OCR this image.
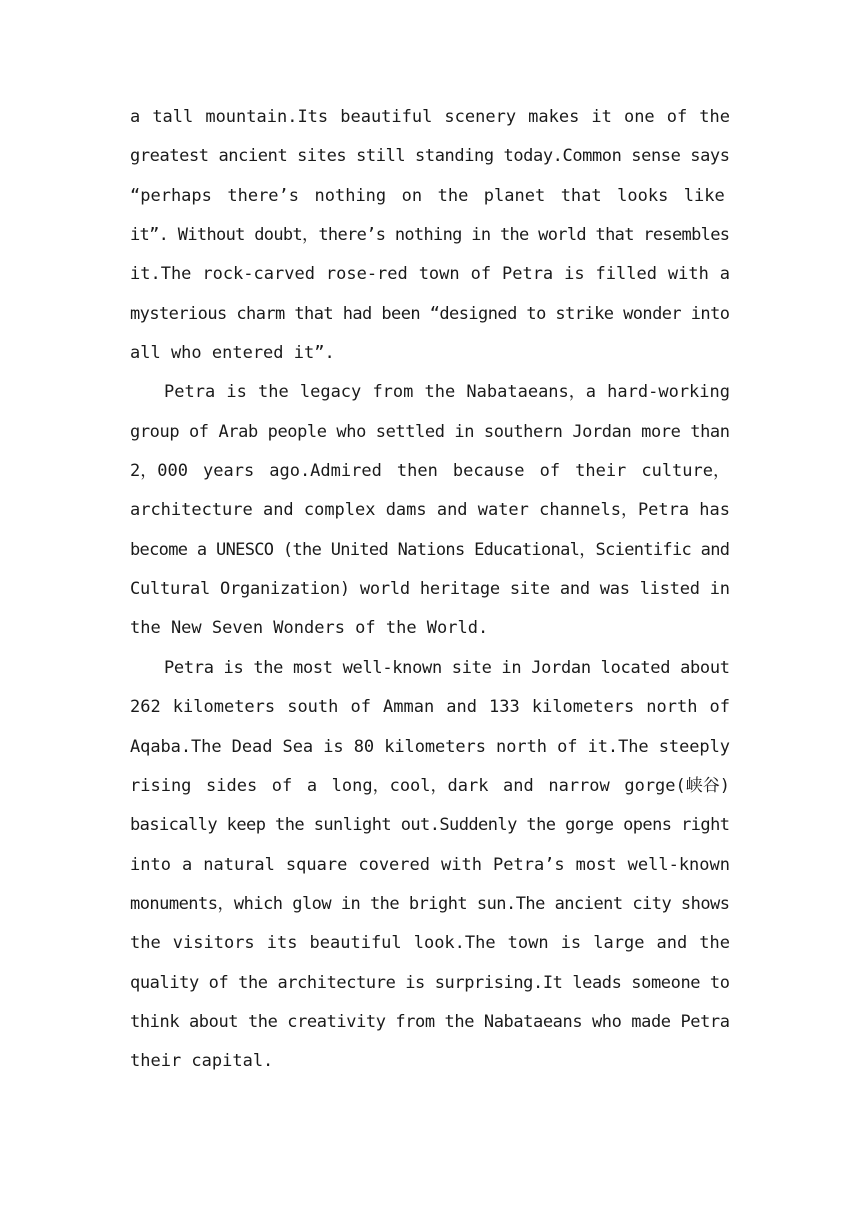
a tall mountain.Its beautiful scenery makes it one of the
greatest ancient sites still standing today.Common sense says
“perhaps there’s nothing on the planet that looks like
it”. Without doubt，there’s nothing in the world that resembles
it.The rock-carved rose-red town of Petra is filled with a
mysterious charm that had been “designed to strike wonder into
all who entered it”.
Petra is the legacy from the Nabataeans，a hard-working
group of Arab people who settled in southern Jordan more than
2，000 years ago.Admired then because of their culture，
architecture and complex dams and water channels，Petra has
become a UNESCO (the United Nations Educational，Scientific and
Cultural Organization) world heritage site and was listed in
the New Seven Wonders of the World.
Petra is the most well-known site in Jordan located about
262 kilometers south of Amman and 133 kilometers north of
Aqaba.The Dead Sea is 80 kilometers north of it.The steeply
rising sides of a long，cool，dark and narrow gorge(峡谷)
basically keep the sunlight out.Suddenly the gorge opens right
into a natural square covered with Petra’s most well-known
monuments，which glow in the bright sun.The ancient city shows
the visitors its beautiful look.The town is large and the
quality of the architecture is surprising.It leads someone to
think about the creativity from the Nabataeans who made Petra
their capital.
